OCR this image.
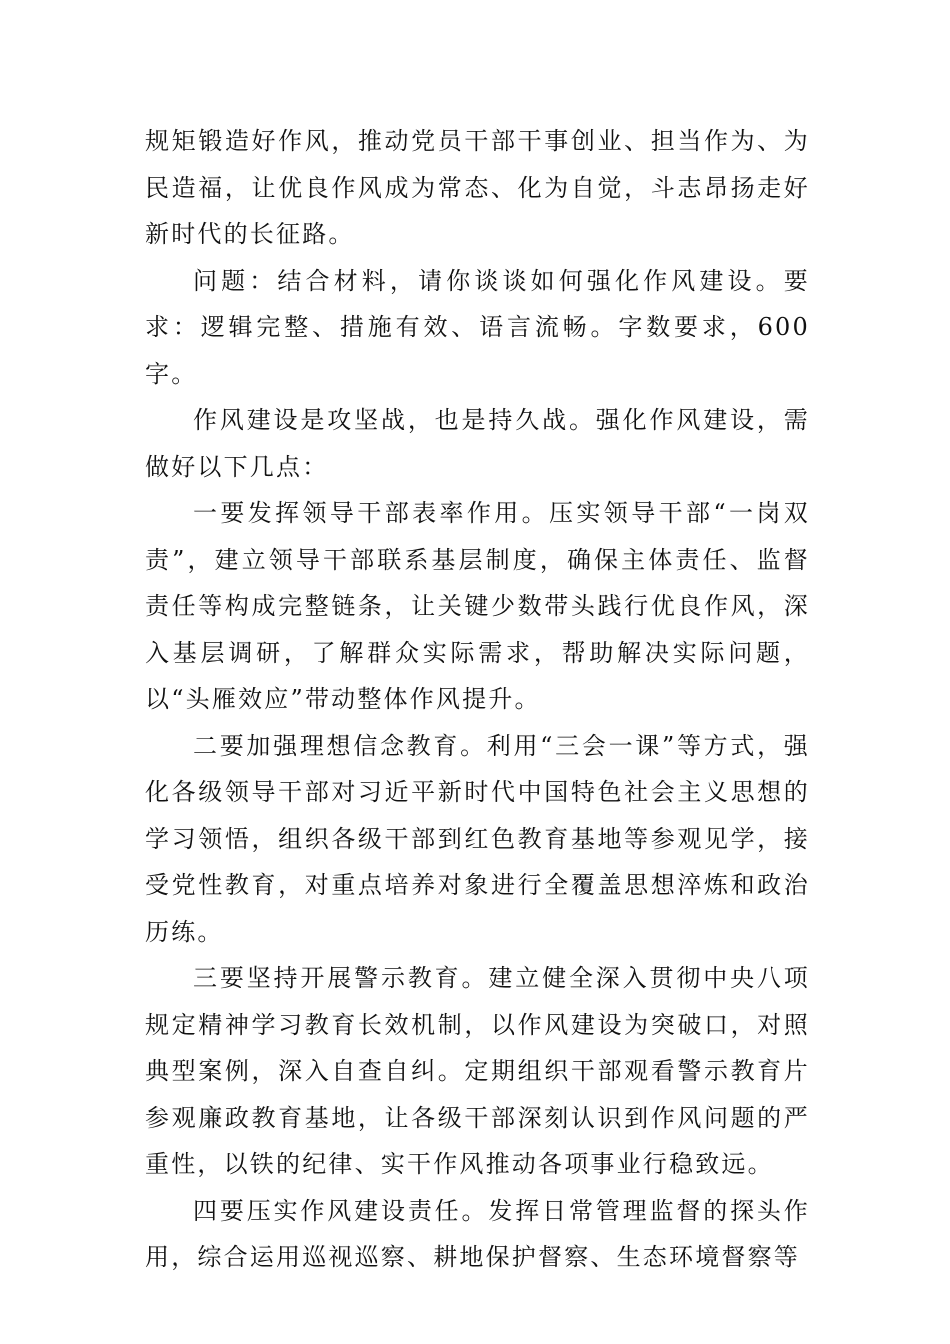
规矩锻造好作风，推动党员干部干事创业、担当作为、为民造福，让优良作风成为常态、化为自觉，斗志昂扬走好新时代的长征路。

问题：结合材料，请你谈谈如何强化作风建设。要求：逻辑完整、措施有效、语言流畅。字数要求，600字。

作风建设是攻坚战，也是持久战。强化作风建设，需做好以下几点：

一要发挥领导干部表率作用。压实领导干部“一岗双责”，建立领导干部联系基层制度，确保主体责任、监督责任等构成完整链条，让关键少数带头践行优良作风，深入基层调研，了解群众实际需求，帮助解决实际问题，以“头雁效应”带动整体作风提升。

二要加强理想信念教育。利用“三会一课”等方式，强化各级领导干部对习近平新时代中国特色社会主义思想的学习领悟，组织各级干部到红色教育基地等参观见学，接受党性教育，对重点培养对象进行全覆盖思想淬炼和政治历练。

三要坚持开展警示教育。建立健全深入贯彻中央八项规定精神学习教育长效机制，以作风建设为突破口，对照典型案例，深入自查自纠。定期组织干部观看警示教育片参观廉政教育基地，让各级干部深刻认识到作风问题的严重性，以铁的纪律、实干作风推动各项事业行稳致远。

四要压实作风建设责任。发挥日常管理监督的探头作用，综合运用巡视巡察、耕地保护督察、生态环境督察等
